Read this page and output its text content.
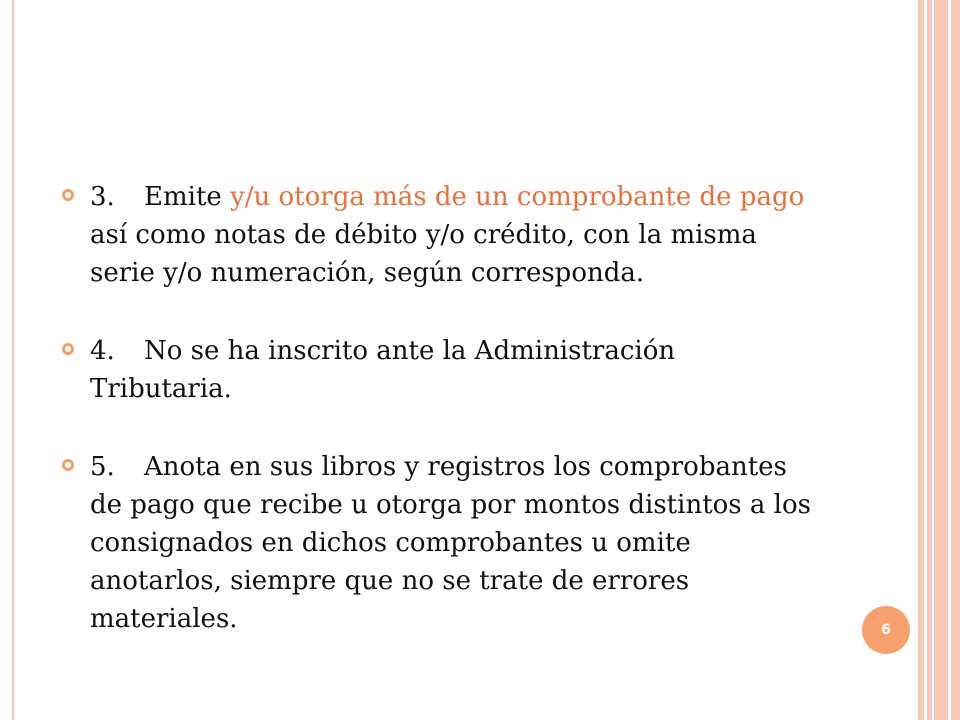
3. Emite y/u otorga más de un comprobante de pago así como notas de débito y/o crédito, con la misma serie y/o numeración, según corresponda.
4. No se ha inscrito ante la Administración Tributaria.
5. Anota en sus libros y registros los comprobantes de pago que recibe u otorga por montos distintos a los consignados en dichos comprobantes u omite anotarlos, siempre que no se trate de errores materiales.	6
